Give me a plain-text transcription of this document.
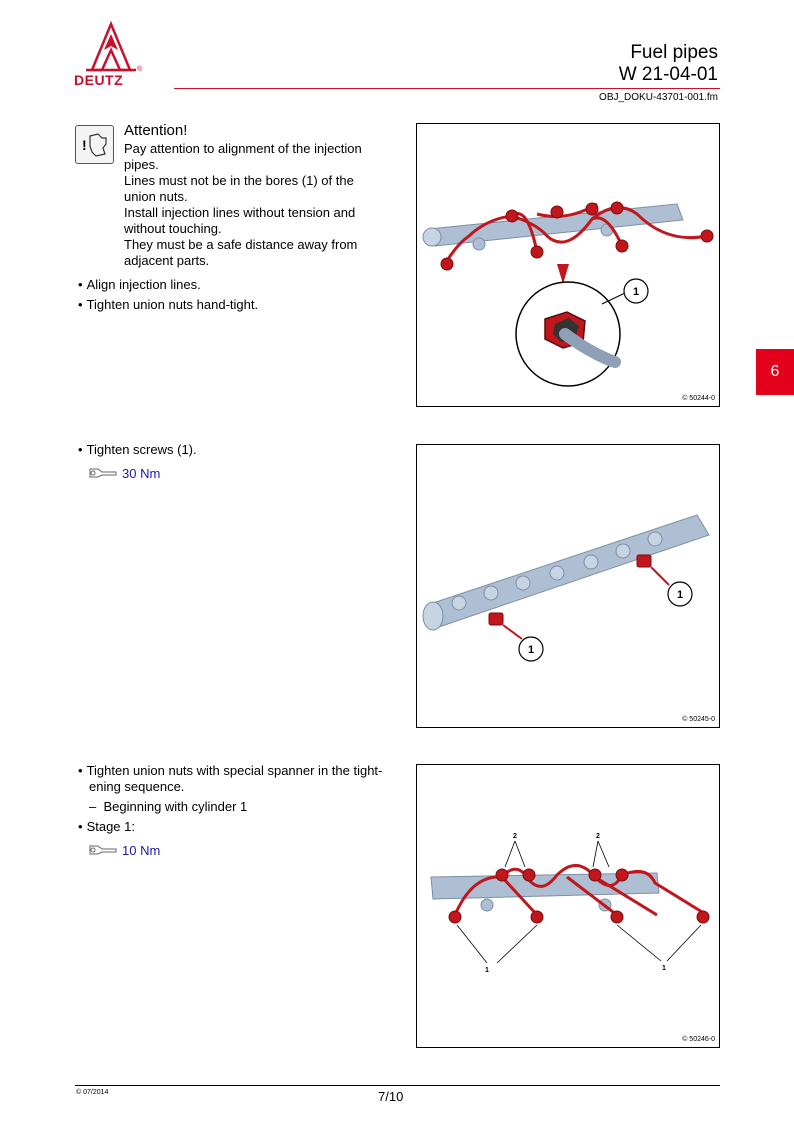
DEUTZ
®
Fuel pipes
W 21-04-01
OBJ_DOKU-43701-001.fm
6
!
Attention!
Pay attention to alignment of the injection
pipes.
Lines must not be in the bores (1) of the
union nuts.
Install injection lines without tension and
without touching.
They must be a safe distance away from
adjacent parts.
• Align injection lines.
• Tighten union nuts hand-tight.
1
© 50244-0
• Tighten screws (1).
30 Nm
1
1
© 50245-0
• Tighten union nuts with special spanner in the tight-
ening sequence.
–  Beginning with cylinder 1
• Stage 1:
10 Nm
2	2
1	1
© 50246-0
© 07/2014	7/10
